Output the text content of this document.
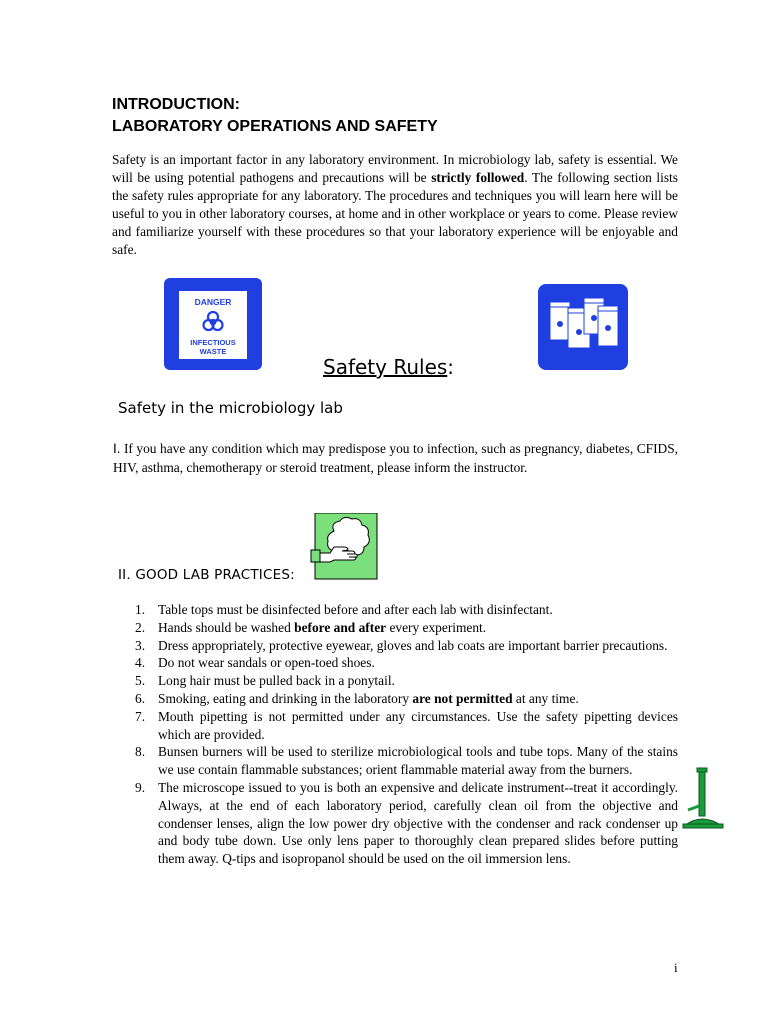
INTRODUCTION:
LABORATORY OPERATIONS AND SAFETY

Safety is an important factor in any laboratory environment. In microbiology lab, safety is essential. We will be using potential pathogens and precautions will be strictly followed. The following section lists the safety rules appropriate for any laboratory. The procedures and techniques you will learn here will be useful to you in other laboratory courses, at home and in other workplace or years to come. Please review and familiarize yourself with these procedures so that your laboratory experience will be enjoyable and safe.

DANGER
INFECTIOUS
WASTE
Safety Rules:
Safety in the microbiology lab

I. If you have any condition which may predispose you to infection, such as pregnancy, diabetes, CFIDS, HIV, asthma, chemotherapy or steroid treatment, please inform the instructor.

II. GOOD LAB PRACTICES:
1. Table tops must be disinfected before and after each lab with disinfectant.
2. Hands should be washed before and after every experiment.
3. Dress appropriately, protective eyewear, gloves and lab coats are important barrier precautions.
4. Do not wear sandals or open-toed shoes.
5. Long hair must be pulled back in a ponytail.
6. Smoking, eating and drinking in the laboratory are not permitted at any time.
7. Mouth pipetting is not permitted under any circumstances. Use the safety pipetting devices which are provided.
8. Bunsen burners will be used to sterilize microbiological tools and tube tops. Many of the stains we use contain flammable substances; orient flammable material away from the burners.
9. The microscope issued to you is both an expensive and delicate instrument--treat it accordingly. Always, at the end of each laboratory period, carefully clean oil from the objective and condenser lenses, align the low power dry objective with the condenser and rack condenser up and body tube down. Use only lens paper to thoroughly clean prepared slides before putting them away. Q-tips and isopropanol should be used on the oil immersion lens.
i
